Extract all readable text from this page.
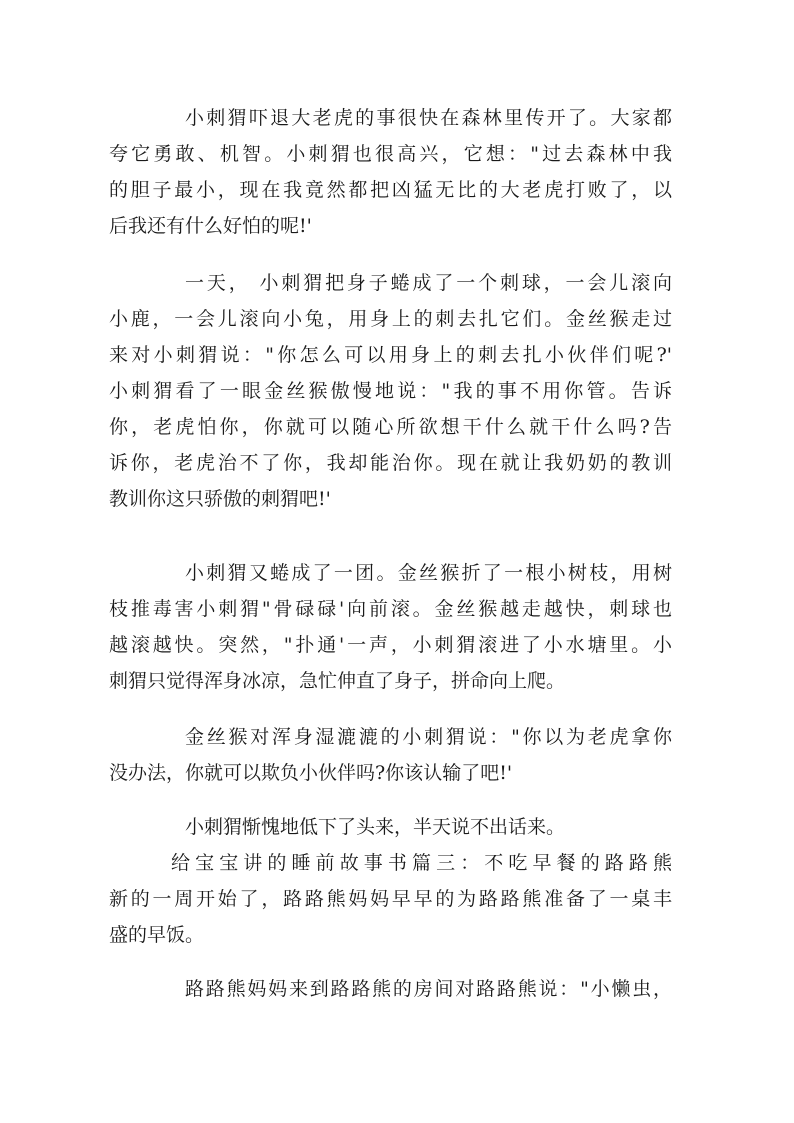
小刺猬吓退大老虎的事很快在森林里传开了。大家都
夸它勇敢、机智。小刺猬也很高兴，它想："过去森林中我
的胆子最小，现在我竟然都把凶猛无比的大老虎打败了，以
后我还有什么好怕的呢!'
一天， 小刺猬把身子蜷成了一个刺球，一会儿滚向
小鹿，一会儿滚向小兔，用身上的刺去扎它们。金丝猴走过
来对小刺猬说："你怎么可以用身上的刺去扎小伙伴们呢?'
小刺猬看了一眼金丝猴傲慢地说："我的事不用你管。告诉
你，老虎怕你，你就可以随心所欲想干什么就干什么吗?告
诉你，老虎治不了你，我却能治你。现在就让我奶奶的教训
教训你这只骄傲的刺猬吧!'
小刺猬又蜷成了一团。金丝猴折了一根小树枝，用树
枝推毒害小刺猬"骨碌碌'向前滚。金丝猴越走越快，刺球也
越滚越快。突然，"扑通'一声，小刺猬滚进了小水塘里。小
刺猬只觉得浑身冰凉，急忙伸直了身子，拼命向上爬。
金丝猴对浑身湿漉漉的小刺猬说："你以为老虎拿你
没办法，你就可以欺负小伙伴吗?你该认输了吧!'
小刺猬惭愧地低下了头来，半天说不出话来。
给宝宝讲的睡前故事书篇三：不吃早餐的路路熊
新的一周开始了，路路熊妈妈早早的为路路熊准备了一桌丰
盛的早饭。
路路熊妈妈来到路路熊的房间对路路熊说："小懒虫，
